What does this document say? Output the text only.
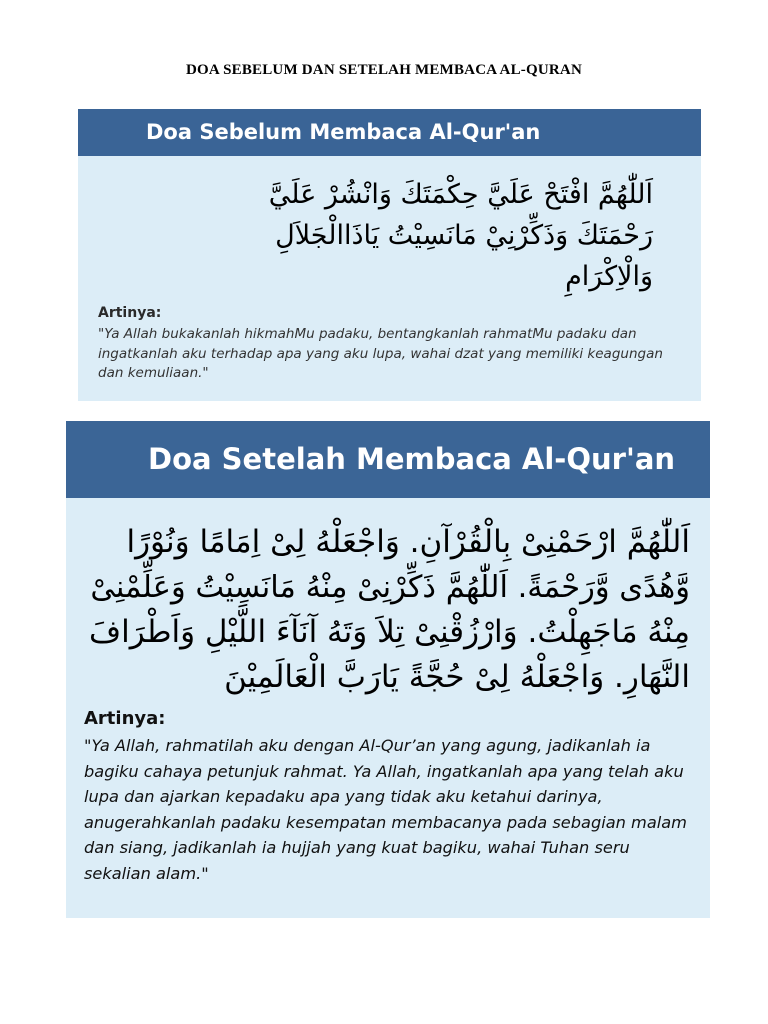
DOA SEBELUM DAN SETELAH MEMBACA AL-QURAN
Doa Sebelum Membaca Al-Qur'an
اَللّٰهُمَّ افْتَحْ عَلَيَّ حِكْمَتَكَ وَانْشُرْ عَلَيَّ
رَحْمَتَكَ وَذَكِّرْنِيْ مَانَسِيْتُ يَاذَاالْجَلاَلِ
وَالْاِكْرَامِ
Artinya:
"Ya Allah bukakanlah hikmahMu padaku, bentangkanlah rahmatMu padaku dan ingatkanlah aku terhadap apa yang aku lupa, wahai dzat yang memiliki keagungan dan kemuliaan."
Doa Setelah Membaca Al-Qur'an
اَللّٰهُمَّ ارْحَمْنِىْ بِالْقُرْآنِ. وَاجْعَلْهُ لِىْ اِمَامًا وَنُوْرًا
وَّهُدًى وَّرَحْمَةً. اَللّٰهُمَّ ذَكِّرْنِىْ مِنْهُ مَانَسِيْتُ وَعَلِّمْنِىْ
مِنْهُ مَاجَهِلْتُ. وَارْزُقْنِىْ تِلاَ وَتَهُ آنَآءَ اللَّيْلِ وَاَطْرَافَ
النَّهَارِ. وَاجْعَلْهُ لِىْ حُجَّةً يَارَبَّ الْعَالَمِيْنَ
Artinya:
"Ya Allah, rahmatilah aku dengan Al-Qur’an yang agung, jadikanlah ia bagiku cahaya petunjuk rahmat. Ya Allah, ingatkanlah apa yang telah aku lupa dan ajarkan kepadaku apa yang tidak aku ketahui darinya, anugerahkanlah padaku kesempatan membacanya pada sebagian malam dan siang, jadikanlah ia hujjah yang kuat bagiku, wahai Tuhan seru sekalian alam."
